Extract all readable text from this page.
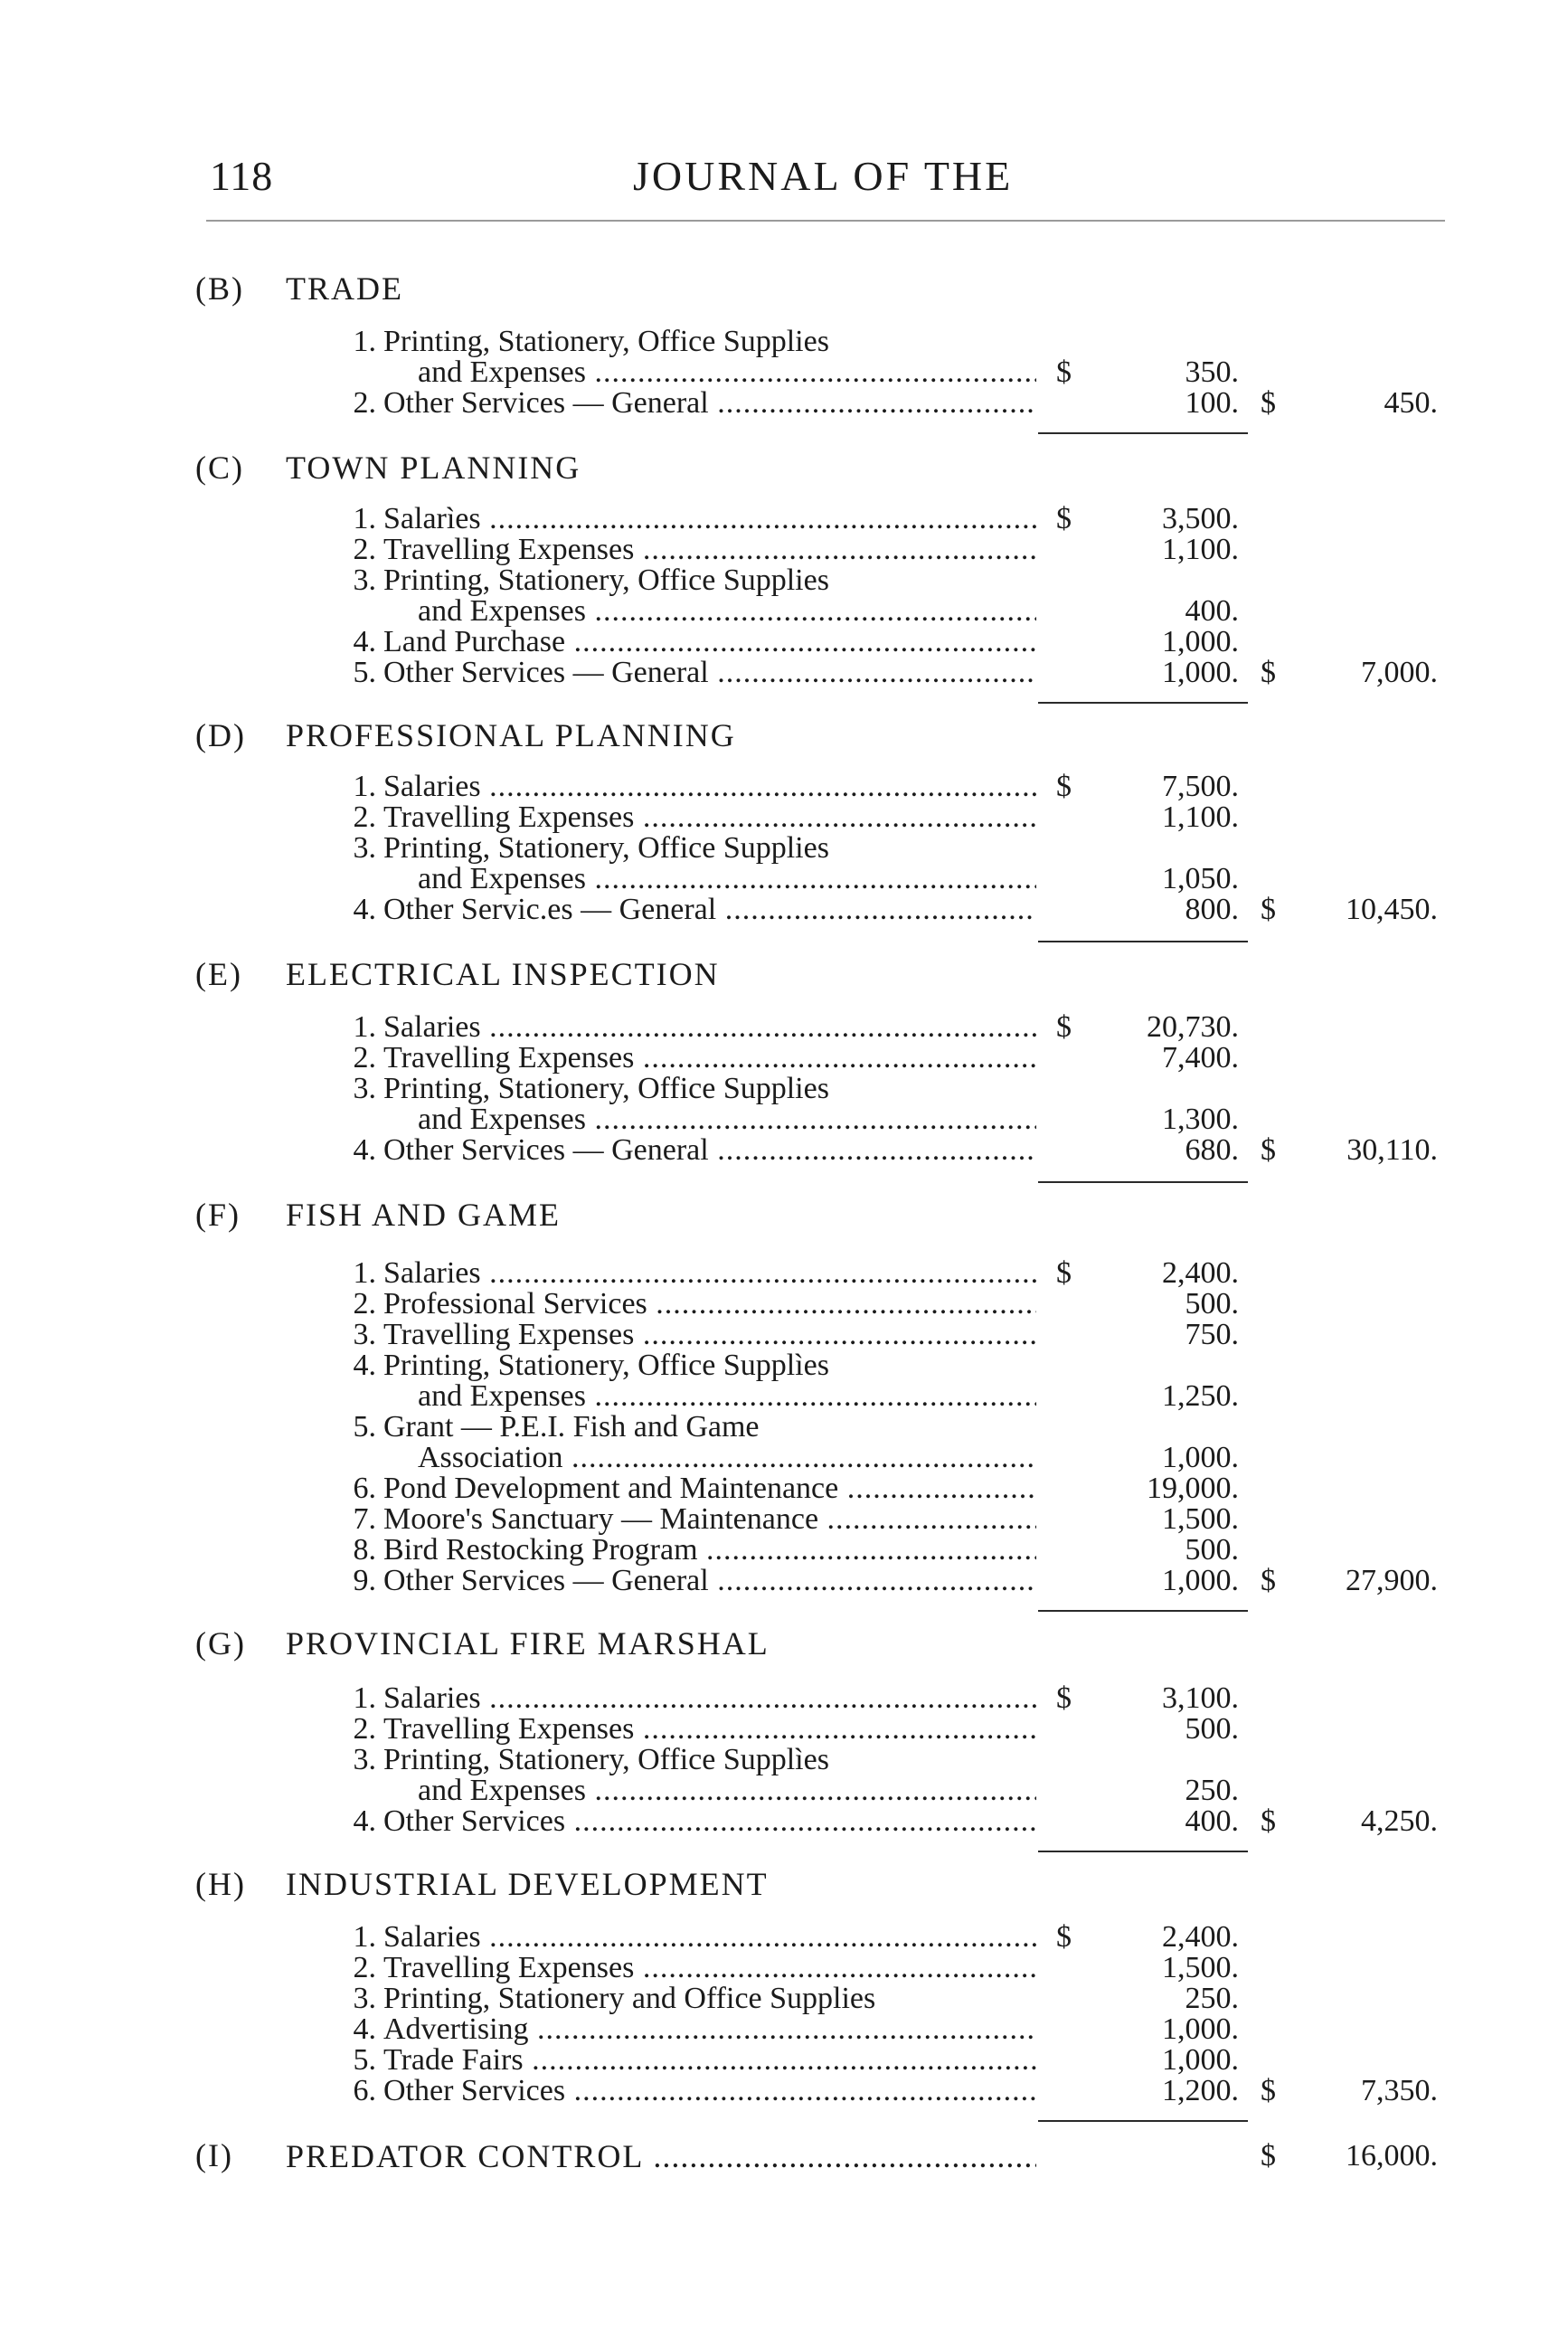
118	JOURNAL OF THE
(B) TRADE
1. Printing, Stationery, Office Supplies
and Expenses .....	$	350.
2. Other Services — General .....	100. $	450.
(C) TOWN PLANNING
1. Salarìes .....	$	3,500.
2. Travelling Expenses .....	1,100.
3. Printing, Stationery, Office Supplies
and Expenses .....	400.
4. Land Purchase .....	1,000.
5. Other Services — General .....	1,000. $	7,000.
(D) PROFESSIONAL PLANNING
1. Salaries .....	$	7,500.
2. Travelling Expenses .....	1,100.
3. Printing, Stationery, Office Supplies
and Expenses .....	1,050.
4. Other Servic.es — General .....	800. $	10,450.
(E) ELECTRICAL INSPECTION
1. Salaries .....	$	20,730.
2. Travelling Expenses .....	7,400.
3. Printing, Stationery, Office Supplies
and Expenses .....	1,300.
4. Other Services — General .....	680. $	30,110.
(F) FISH AND GAME
1. Salaries .....	$	2,400.
2. Professional Services .....	500.
3. Travelling Expenses .....	750.
4. Printing, Stationery, Office Supplìes
and Expenses .....	1,250.
5. Grant — P.E.I. Fish and Game
Association .....	1,000.
6. Pond Development and Maintenance .....	19,000.
7. Moore's Sanctuary — Maintenance .....	1,500.
8. Bird Restocking Program .....	500.
9. Other Services — General .....	1,000. $	27,900.
(G) PROVINCIAL FIRE MARSHAL
1. Salaries .....	$	3,100.
2. Travelling Expenses .....	500.
3. Printing, Stationery, Office Supplìes
and Expenses .....	250.
4. Other Services .....	400. $	4,250.
(H) INDUSTRIAL DEVELOPMENT
1. Salaries .....	$	2,400.
2. Travelling Expenses .....	1,500.
3. Printing, Stationery and Office Supplies	250.
4. Advertising .....	1,000.
5. Trade Fairs .....	1,000.
6. Other Services .....	1,200. $	7,350.
(I)	PREDATOR CONTROL .....	$	16,000.
